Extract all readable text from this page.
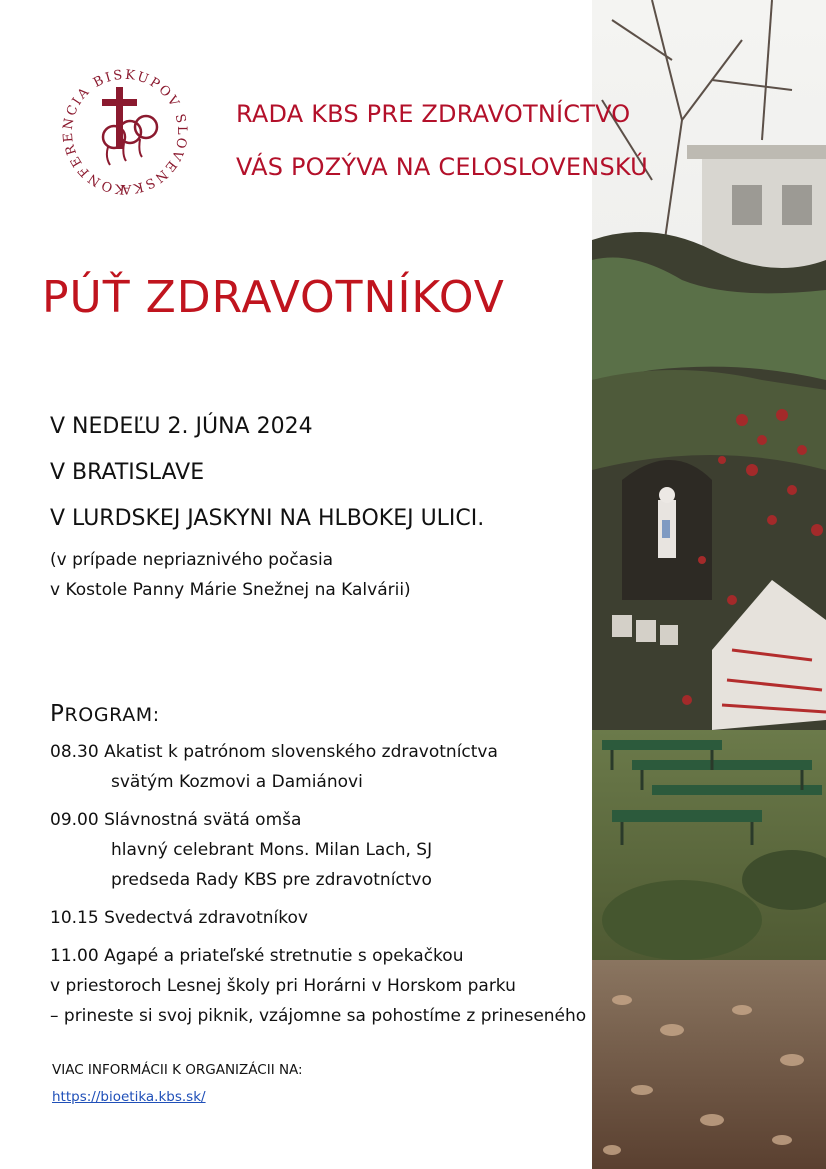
KONFERENCIA BISKUPOV SLOVENSKA
RADA KBS PRE ZDRAVOTNÍCTVO
VÁS POZÝVA NA CELOSLOVENSKÚ
PÚŤ ZDRAVOTNÍKOV
V NEDEĽU 2. JÚNA 2024
V BRATISLAVE
V LURDSKEJ JASKYNI NA HLBOKEJ ULICI.
(v prípade nepriaznivého počasia
v Kostole Panny Márie Snežnej na Kalvárii)
PROGRAM:
08.30 Akatist k patrónom slovenského zdravotníctva
svätým Kozmovi a Damiánovi
09.00 Slávnostná svätá omša
hlavný celebrant Mons. Milan Lach, SJ
predseda Rady KBS pre zdravotníctvo
10.15 Svedectvá zdravotníkov
11.00 Agapé a priateľské stretnutie s opekačkou
v priestoroch Lesnej školy pri Horárni v Horskom parku
– prineste si svoj piknik, vzájomne sa pohostíme z prineseného
VIAC INFORMÁCII K ORGANIZÁCII NA:
https://bioetika.kbs.sk/
